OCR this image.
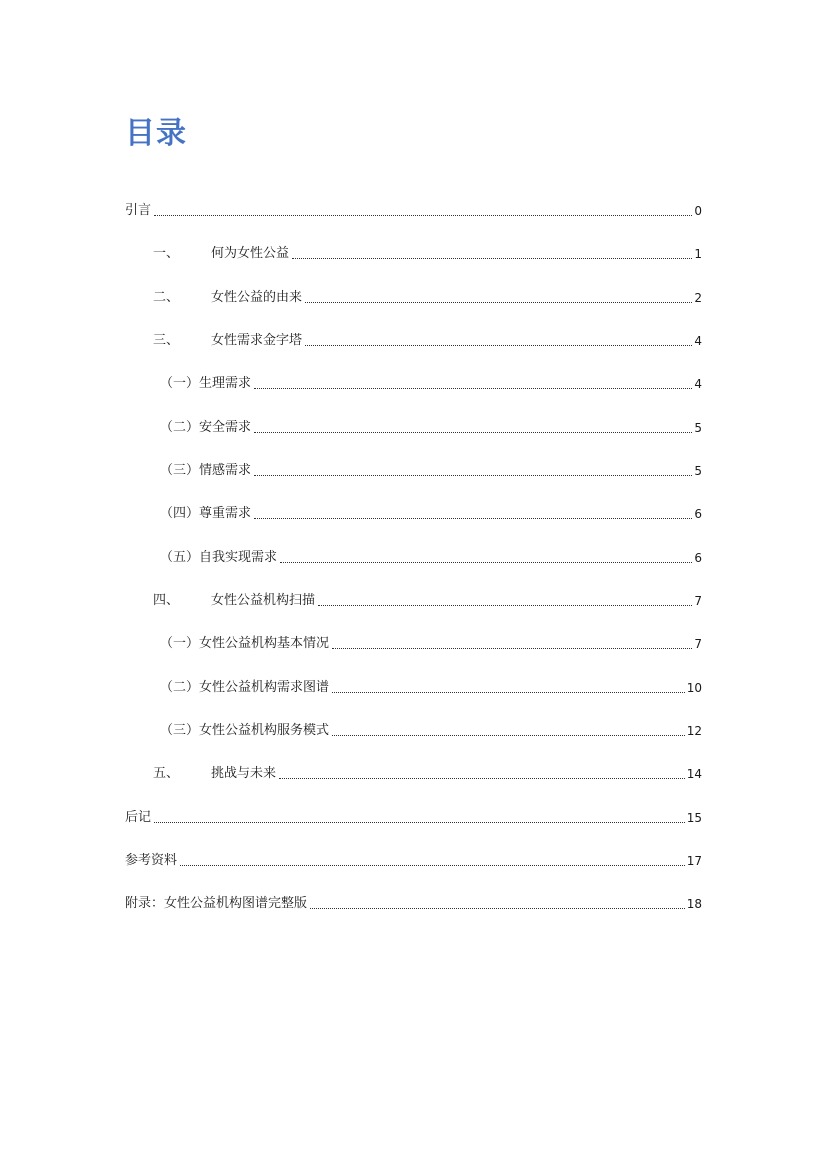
目录
引言	0
一、	何为女性公益	1
二、	女性公益的由来	2
三、	女性需求金字塔	4
（一）生理需求	4
（二）安全需求	5
（三）情感需求	5
（四）尊重需求	6
（五）自我实现需求	6
四、	女性公益机构扫描	7
（一）女性公益机构基本情况	7
（二）女性公益机构需求图谱	10
（三）女性公益机构服务模式	12
五、	挑战与未来	14
后记	15
参考资料	17
附录：女性公益机构图谱完整版	18
